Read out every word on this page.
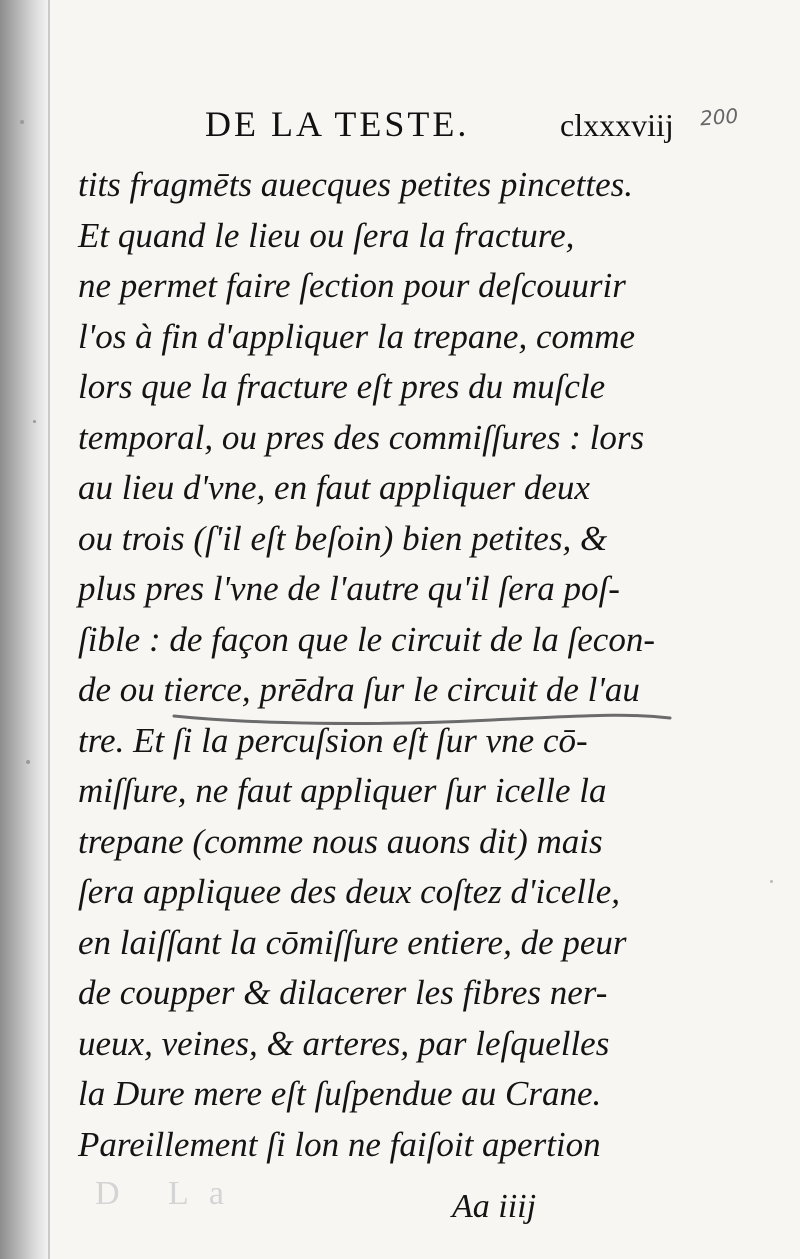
DE LA TESTE.	clxxxviij 200
tits fragmēts auecques petites pincettes.
Et quand le lieu ou ſera la fracture,
ne permet faire ſection pour deſcouurir
l'os à fin d'appliquer la trepane, comme
lors que la fracture eſt pres du muſcle
temporal, ou pres des commiſſures : lors
au lieu d'vne, en faut appliquer deux
ou trois (ſ'il eſt beſoin) bien petites, &
plus pres l'vne de l'autre qu'il ſera poſ-
ſible : de façon que le circuit de la ſecon-
de ou tierce, prēdra ſur le circuit de l'au
tre. Et ſi la percuſsion eſt ſur vne cō-
miſſure, ne faut appliquer ſur icelle la
trepane (comme nous auons dit) mais
ſera appliquee des deux coſtez d'icelle,
en laiſſant la cōmiſſure entiere, de peur
de coupper & dilacerer les fibres ner-
ueux, veines, & arteres, par leſquelles
la Dure mere eſt ſuſpendue au Crane.
Pareillement ſi lon ne faiſoit apertion
D La	Aa iiij
